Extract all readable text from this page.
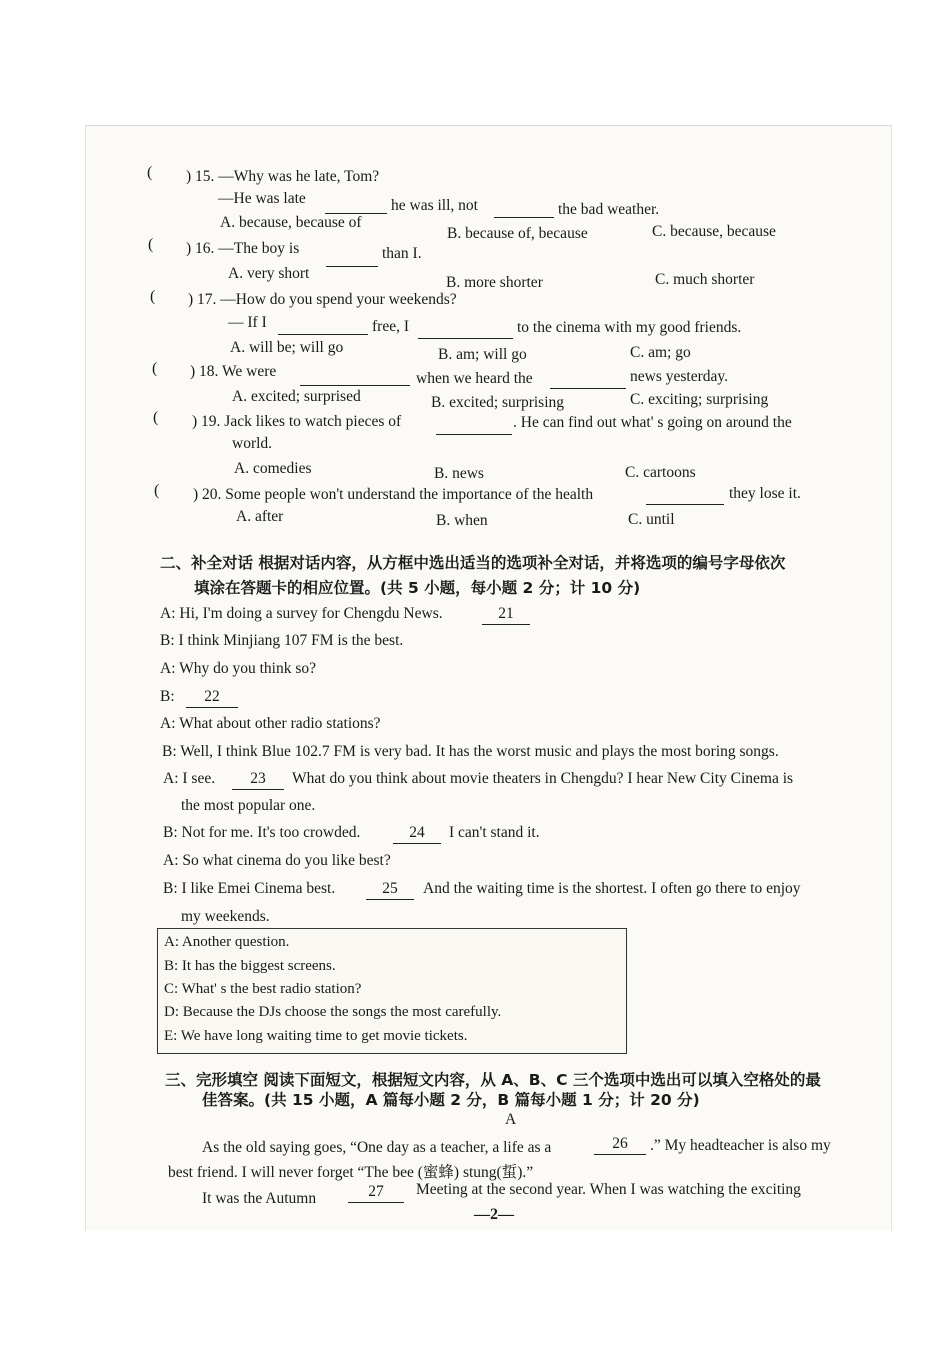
( ) 15. —Why was he late, Tom?
—He was late	he was ill, not	the bad weather.
A. because, because of
B. because of, because	C. because, because
( ) 16. —The boy is	than I.
A. very short
B. more shorter	C. much shorter
( ) 17. —How do you spend your weekends?
— If I	free, I	to the cinema with my good friends.
A. will be; will go	B. am; will go	C. am; go
( ) 18. We were	when we heard the	news yesterday.
A. excited; surprised	B. excited; surprising	C. exciting; surprising
( ) 19. Jack likes to watch pieces of	. He can find out what' s going on around the
world.
A. comedies	B. news	C. cartoons
( ) 20. Some people won't understand the importance of the health	they lose it.
A. after	B. when	C. until
二、补全对话 根据对话内容，从方框中选出适当的选项补全对话，并将选项的编号字母依次
填涂在答题卡的相应位置。(共 5 小题，每小题 2 分；计 10 分)
A: Hi, I'm doing a survey for Chengdu News.	21
B: I think Minjiang 107 FM is the best.
A: Why do you think so?
B:	22
A: What about other radio stations?
B: Well, I think Blue 102.7 FM is very bad. It has the worst music and plays the most boring songs.
A: I see.	23	What do you think about movie theaters in Chengdu? I hear New City Cinema is
the most popular one.
B: Not for me. It's too crowded.	24	I can't stand it.
A: So what cinema do you like best?
B: I like Emei Cinema best.	25	And the waiting time is the shortest. I often go there to enjoy
my weekends.
A: Another question.
B: It has the biggest screens.
C: What' s the best radio station?
D: Because the DJs choose the songs the most carefully.
E: We have long waiting time to get movie tickets.
三、完形填空 阅读下面短文，根据短文内容，从 A、B、C 三个选项中选出可以填入空格处的最
佳答案。(共 15 小题，A 篇每小题 2 分，B 篇每小题 1 分；计 20 分)
A
As the old saying goes, “One day as a teacher, a life as a	26	.” My headteacher is also my
best friend. I will never forget “The bee (蜜蜂) stung(蜇).”
It was the Autumn	27	Meeting at the second year. When I was watching the exciting
—2—
